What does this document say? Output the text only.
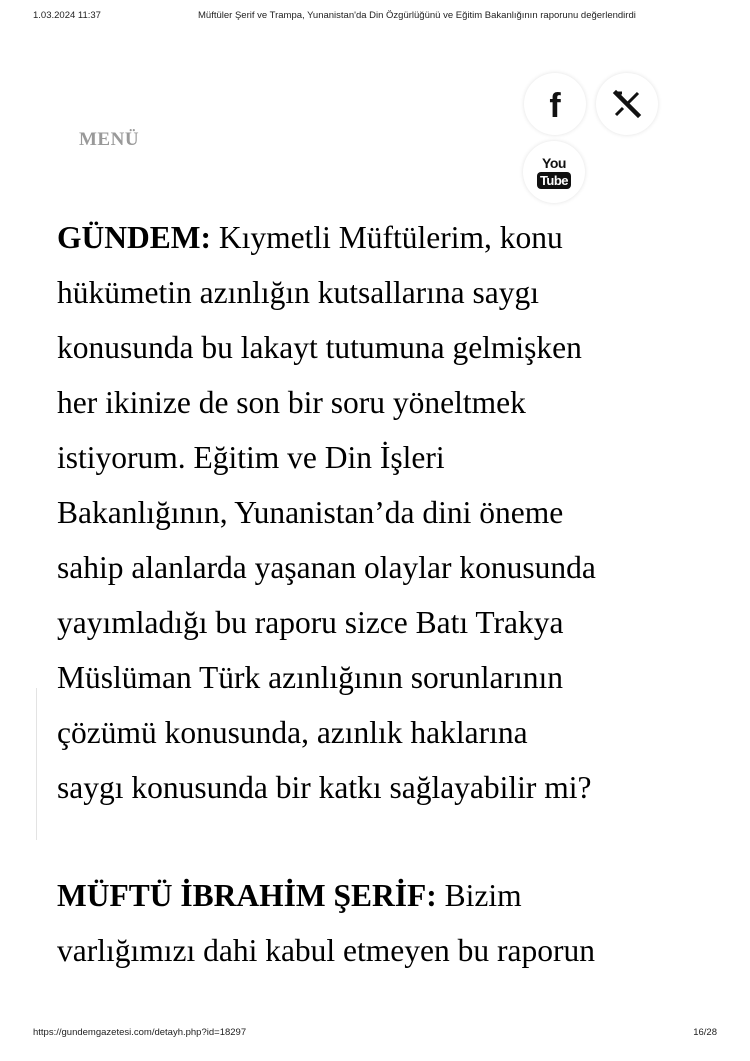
1.03.2024 11:37	Müftüler Şerif ve Trampa, Yunanistan'da Din Özgürlüğünü ve Eğitim Bakanlığının raporunu değerlendirdi
MENÜ
f
You
Tube

GÜNDEM: Kıymetli Müftülerim, konu
hükümetin azınlığın kutsallarına saygı
konusunda bu lakayt tutumuna gelmişken
her ikinize de son bir soru yöneltmek
istiyorum. Eğitim ve Din İşleri
Bakanlığının, Yunanistan’da dini öneme
sahip alanlarda yaşanan olaylar konusunda
yayımladığı bu raporu sizce Batı Trakya
Müslüman Türk azınlığının sorunlarının
çözümü konusunda, azınlık haklarına
saygı konusunda bir katkı sağlayabilir mi?

MÜFTÜ İBRAHİM ŞERİF: Bizim
varlığımızı dahi kabul etmeyen bu raporun

https://gundemgazetesi.com/detayh.php?id=18297	16/28
